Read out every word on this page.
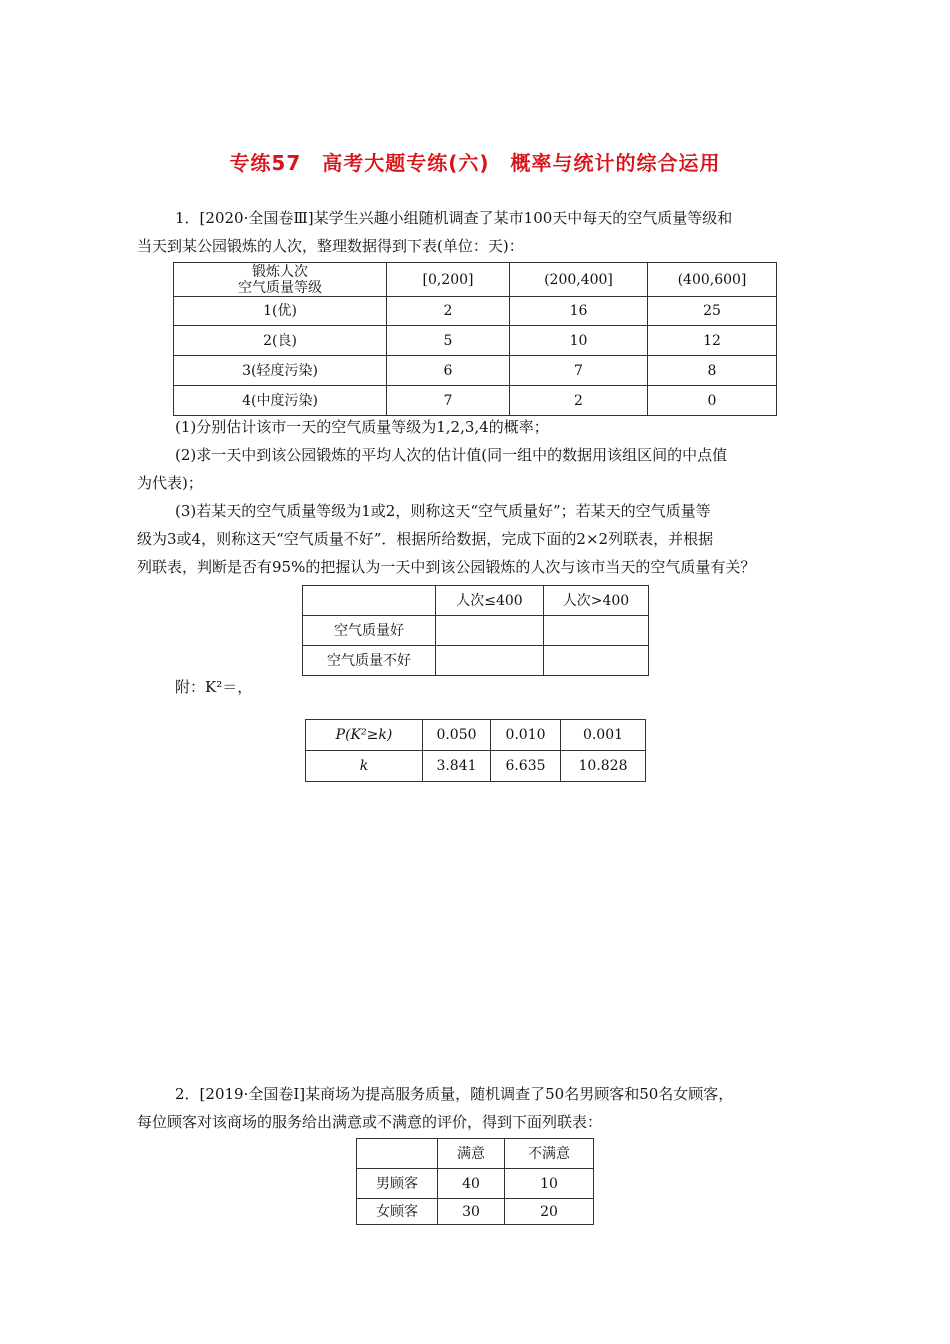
专练57　高考大题专练(六)　概率与统计的综合运用
1．[2020·全国卷Ⅲ]某学生兴趣小组随机调查了某市100天中每天的空气质量等级和
当天到某公园锻炼的人次，整理数据得到下表(单位：天)：
锻炼人次
空气质量等级	[0,200]	(200,400]	(400,600]
1(优)	2	16	25
2(良)	5	10	12
3(轻度污染)	6	7	8
4(中度污染)	7	2	0
(1)分别估计该市一天的空气质量等级为1,2,3,4的概率；
(2)求一天中到该公园锻炼的平均人次的估计值(同一组中的数据用该组区间的中点值
为代表)；
(3)若某天的空气质量等级为1或2，则称这天“空气质量好”；若某天的空气质量等
级为3或4，则称这天“空气质量不好”．根据所给数据，完成下面的2×2列联表，并根据
列联表，判断是否有95%的把握认为一天中到该公园锻炼的人次与该市当天的空气质量有关？
	人次≤400	人次>400
空气质量好		
空气质量不好		
附：K²＝，
P(K²≥k)	0.050	0.010	0.001
k	3.841	6.635	10.828
2．[2019·全国卷Ⅰ]某商场为提高服务质量，随机调查了50名男顾客和50名女顾客，
每位顾客对该商场的服务给出满意或不满意的评价，得到下面列联表：
	满意	不满意
男顾客	40	10
女顾客	30	20
